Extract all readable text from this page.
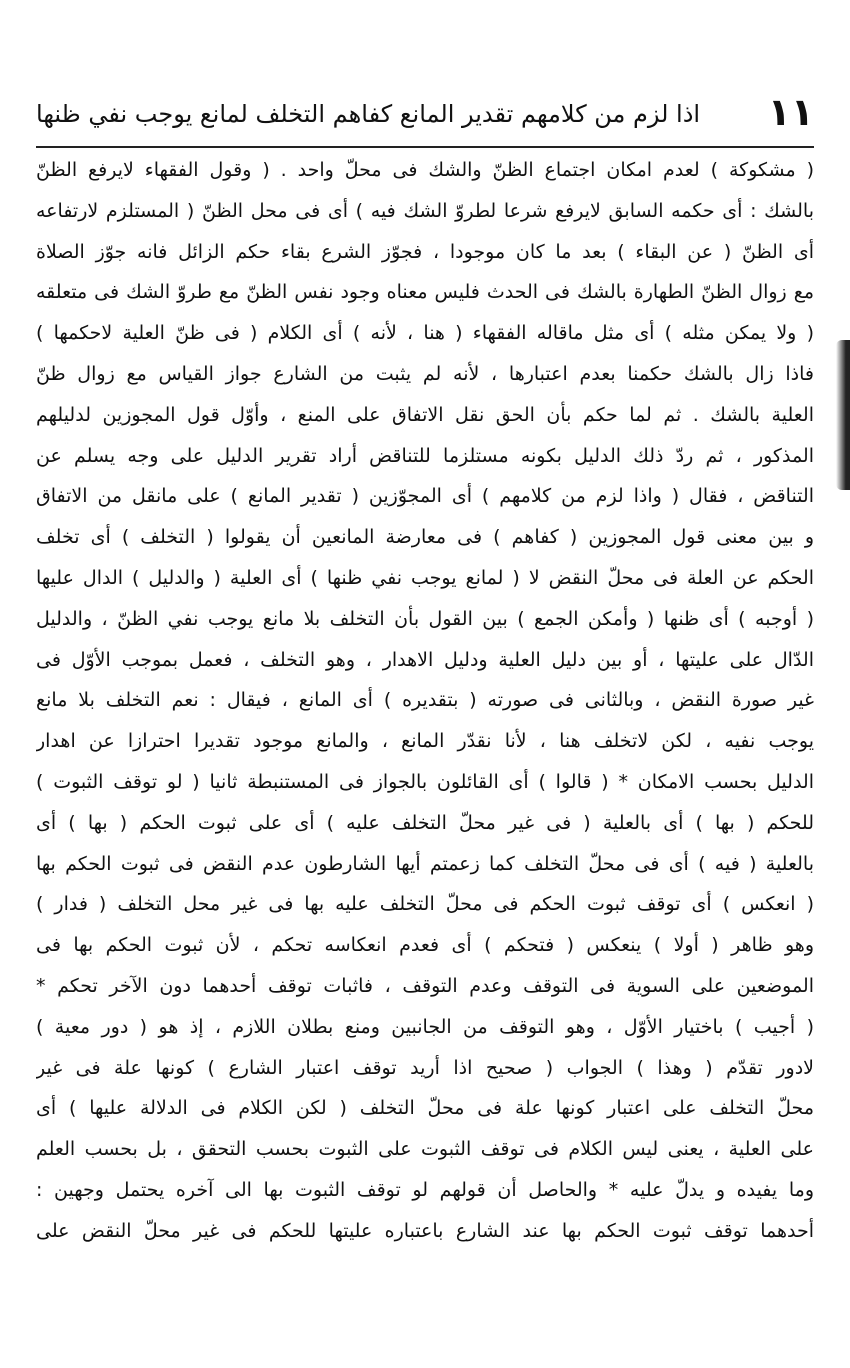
١١
اذا لزم من كلامهم تقدير المانع كفاهم التخلف لمانع يوجب نفي ظنها
( مشكوكة ) لعدم امكان اجتماع الظنّ والشك فى محلّ واحد . ( وقول الفقهاء لايرفع الظنّ
بالشك : أى حكمه السابق لايرفع شرعا لطروّ الشك فيه ) أى فى محل الظنّ ( المستلزم لارتفاعه
أى الظنّ ( عن البقاء ) بعد ما كان موجودا ، فجوّز الشرع بقاء حكم الزائل فانه جوّز الصلاة
مع زوال الظنّ الطهارة بالشك فى الحدث فليس معناه وجود نفس الظنّ مع طروّ الشك فى متعلقه
( ولا يمكن مثله ) أى مثل ماقاله الفقهاء ( هنا ، لأنه ) أى الكلام ( فى ظنّ العلية لاحكمها )
فاذا زال بالشك حكمنا بعدم اعتبارها ، لأنه لم يثبت من الشارع جواز القياس مع زوال ظنّ
العلية بالشك . ثم لما حكم بأن الحق نقل الاتفاق على المنع ، وأوّل قول المجوزين لدليلهم
المذكور ، ثم ردّ ذلك الدليل بكونه مستلزما للتناقض أراد تقرير الدليل على وجه يسلم عن
التناقض ، فقال ( واذا لزم من كلامهم ) أى المجوّزين ( تقدير المانع ) على مانقل من الاتفاق
و بين معنى قول المجوزين ( كفاهم ) فى معارضة المانعين أن يقولوا ( التخلف ) أى تخلف
الحكم عن العلة فى محلّ النقض لا ( لمانع يوجب نفي ظنها ) أى العلية ( والدليل ) الدال عليها
( أوجبه ) أى ظنها ( وأمكن الجمع ) بين القول بأن التخلف بلا مانع يوجب نفي الظنّ ، والدليل
الدّال على عليتها ، أو بين دليل العلية ودليل الاهدار ، وهو التخلف ، فعمل بموجب الأوّل فى
غير صورة النقض ، وبالثانى فى صورته ( بتقديره ) أى المانع ، فيقال : نعم التخلف بلا مانع
يوجب نفيه ، لكن لاتخلف هنا ، لأنا نقدّر المانع ، والمانع موجود تقديرا احترازا عن اهدار
الدليل بحسب الامكان * ( قالوا ) أى القائلون بالجواز فى المستنبطة ثانيا ( لو توقف الثبوت )
للحكم ( بها ) أى بالعلية ( فى غير محلّ التخلف عليه ) أى على ثبوت الحكم ( بها ) أى
بالعلية ( فيه ) أى فى محلّ التخلف كما زعمتم أيها الشارطون عدم النقض فى ثبوت الحكم بها
( انعكس ) أى توقف ثبوت الحكم فى محلّ التخلف عليه بها فى غير محل التخلف ( فدار )
وهو ظاهر ( أولا ) ينعكس ( فتحكم ) أى فعدم انعكاسه تحكم ، لأن ثبوت الحكم بها فى
الموضعين على السوية فى التوقف وعدم التوقف ، فاثبات توقف أحدهما دون الآخر تحكم *
( أجيب ) باختيار الأوّل ، وهو التوقف من الجانبين ومنع بطلان اللازم ، إذ هو ( دور معية )
لادور تقدّم ( وهذا ) الجواب ( صحيح اذا أريد توقف اعتبار الشارع ) كونها علة فى غير
محلّ التخلف على اعتبار كونها علة فى محلّ التخلف ( لكن الكلام فى الدلالة عليها ) أى
على العلية ، يعنى ليس الكلام فى توقف الثبوت على الثبوت بحسب التحقق ، بل بحسب العلم
وما يفيده و يدلّ عليه * والحاصل أن قولهم لو توقف الثبوت بها الى آخره يحتمل وجهين :
أحدهما توقف ثبوت الحكم بها عند الشارع باعتباره عليتها للحكم فى غير محلّ النقض على
